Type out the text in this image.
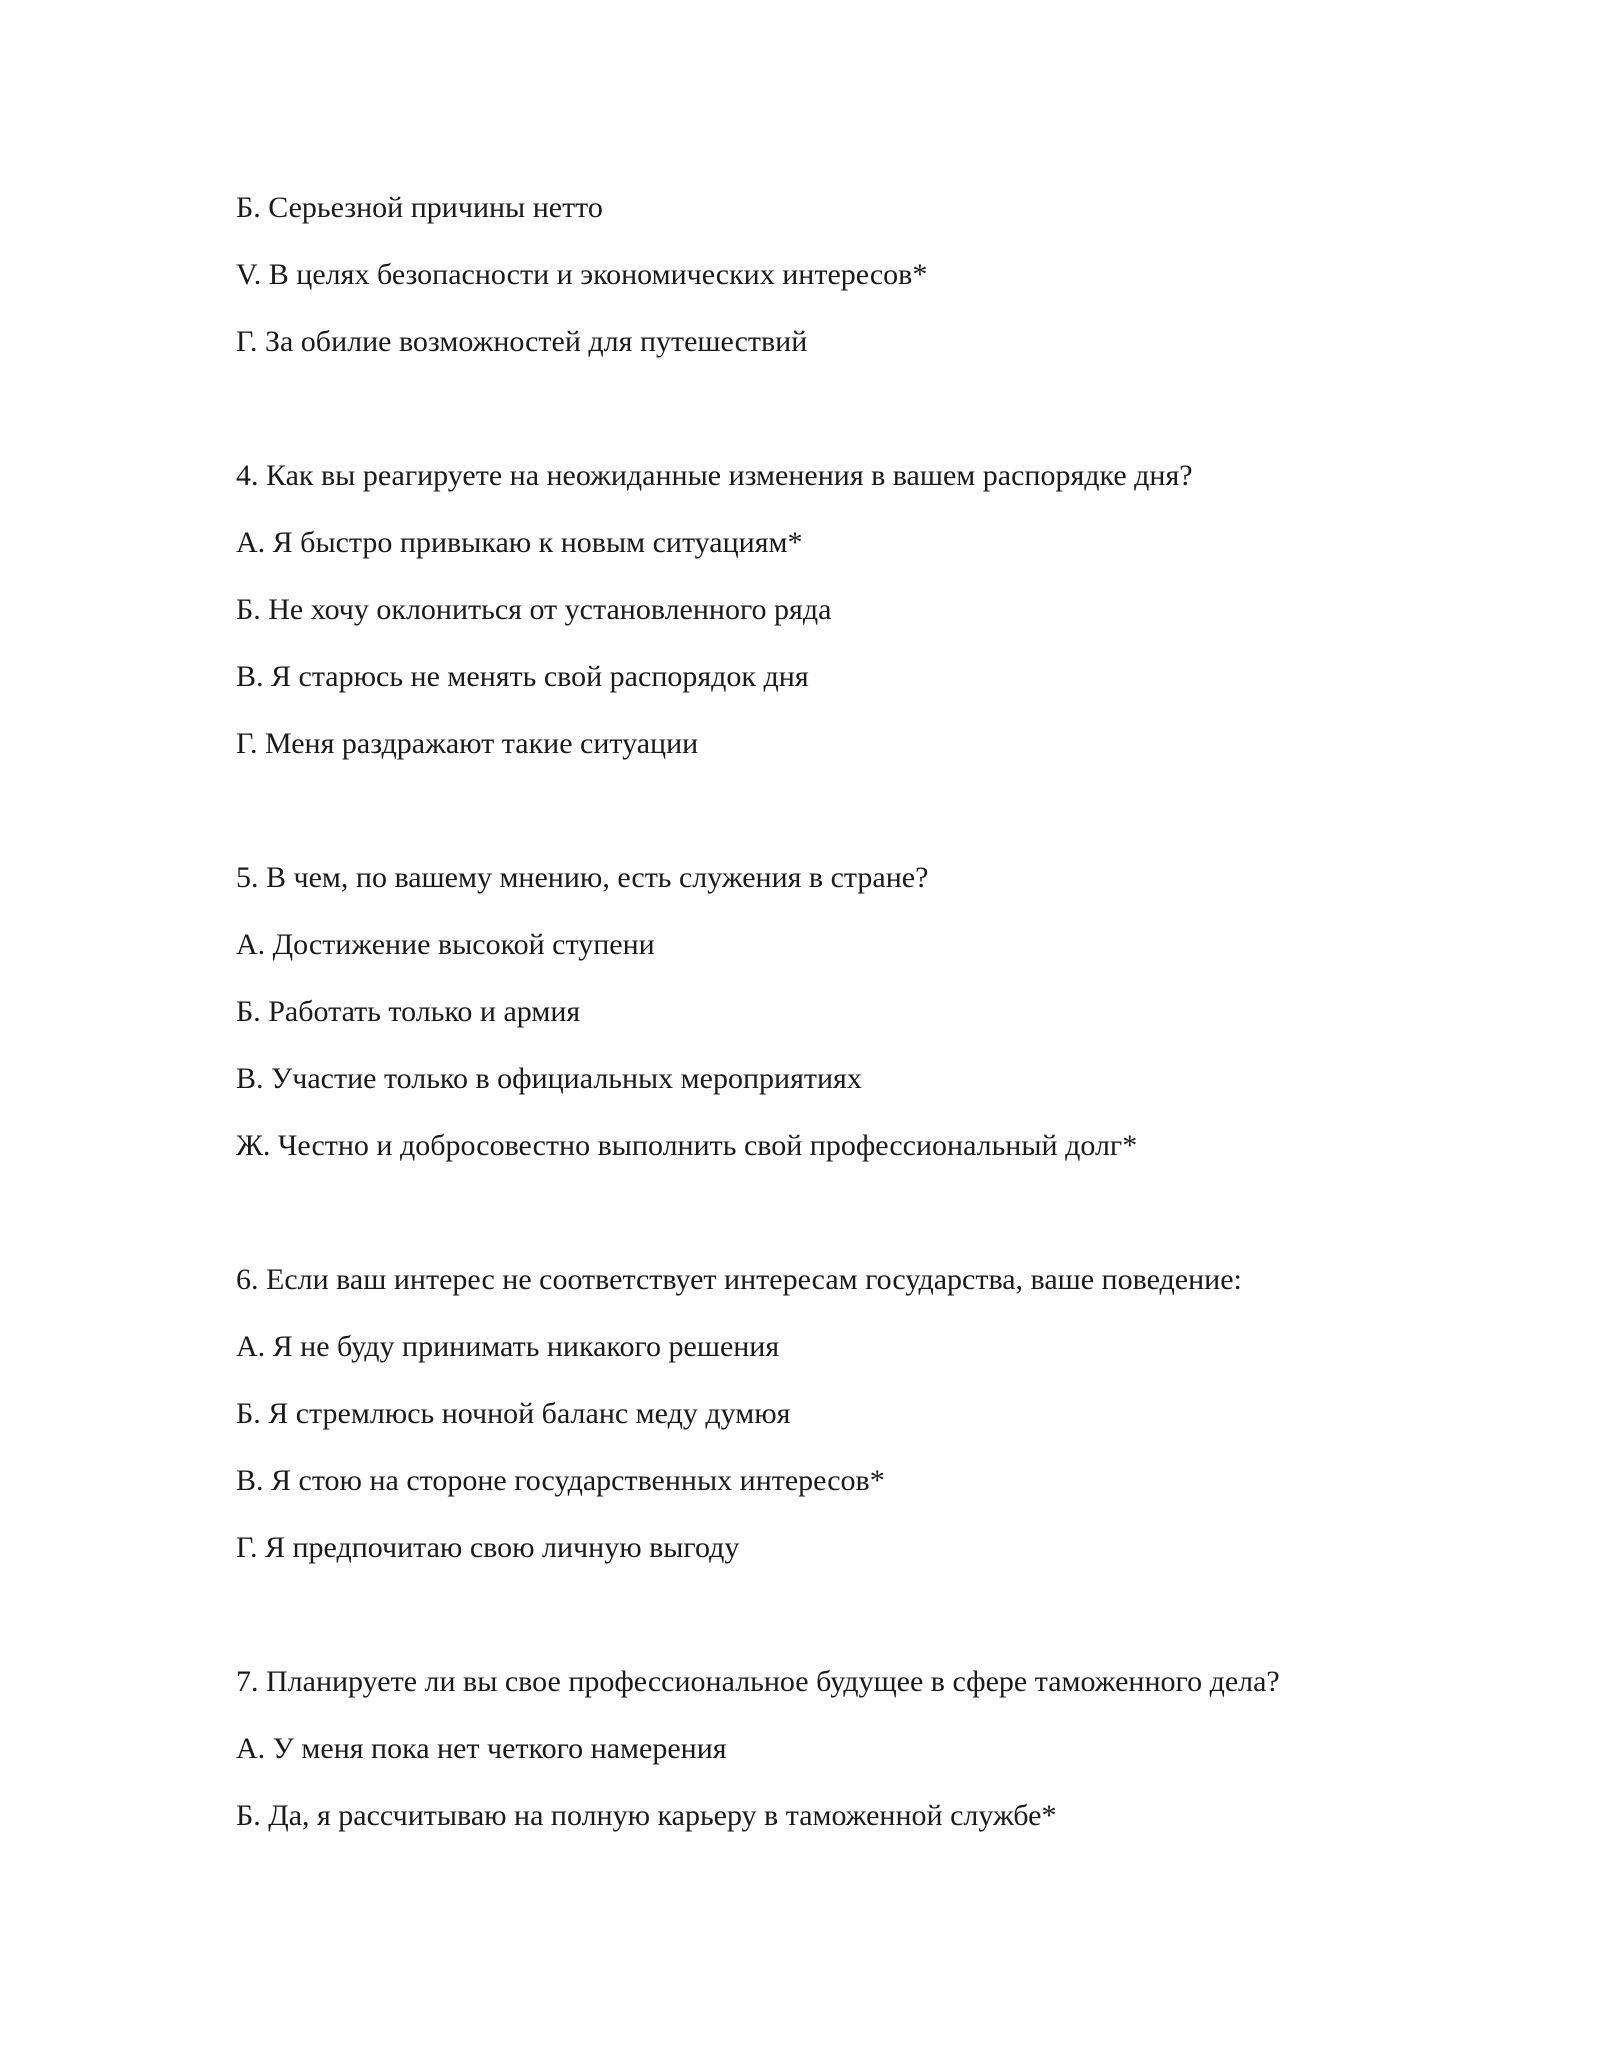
Б. Серьезной причины нетто
V. В целях безопасности и экономических интересов*
Г. За обилие возможностей для путешествий
4. Как вы реагируете на неожиданные изменения в вашем распорядке дня?
А. Я быстро привыкаю к новым ситуациям*
Б. Не хочу оклониться от установленного ряда
В. Я старюсь не менять свой распорядок дня
Г. Меня раздражают такие ситуации
5. В чем, по вашему мнению, есть служения в стране?
А. Достижение высокой ступени
Б. Работать только и армия
В. Участие только в официальных мероприятиях
Ж. Честно и добросовестно выполнить свой профессиональный долг*
6. Если ваш интерес не соответствует интересам государства, ваше поведение:
А. Я не буду принимать никакого решения
Б. Я стремлюсь ночной баланс меду думюя
В. Я стою на стороне государственных интересов*
Г. Я предпочитаю свою личную выгоду
7. Планируете ли вы свое профессиональное будущее в сфере таможенного дела?
А. У меня пока нет четкого намерения
Б. Да, я рассчитываю на полную карьеру в таможенной службе*
